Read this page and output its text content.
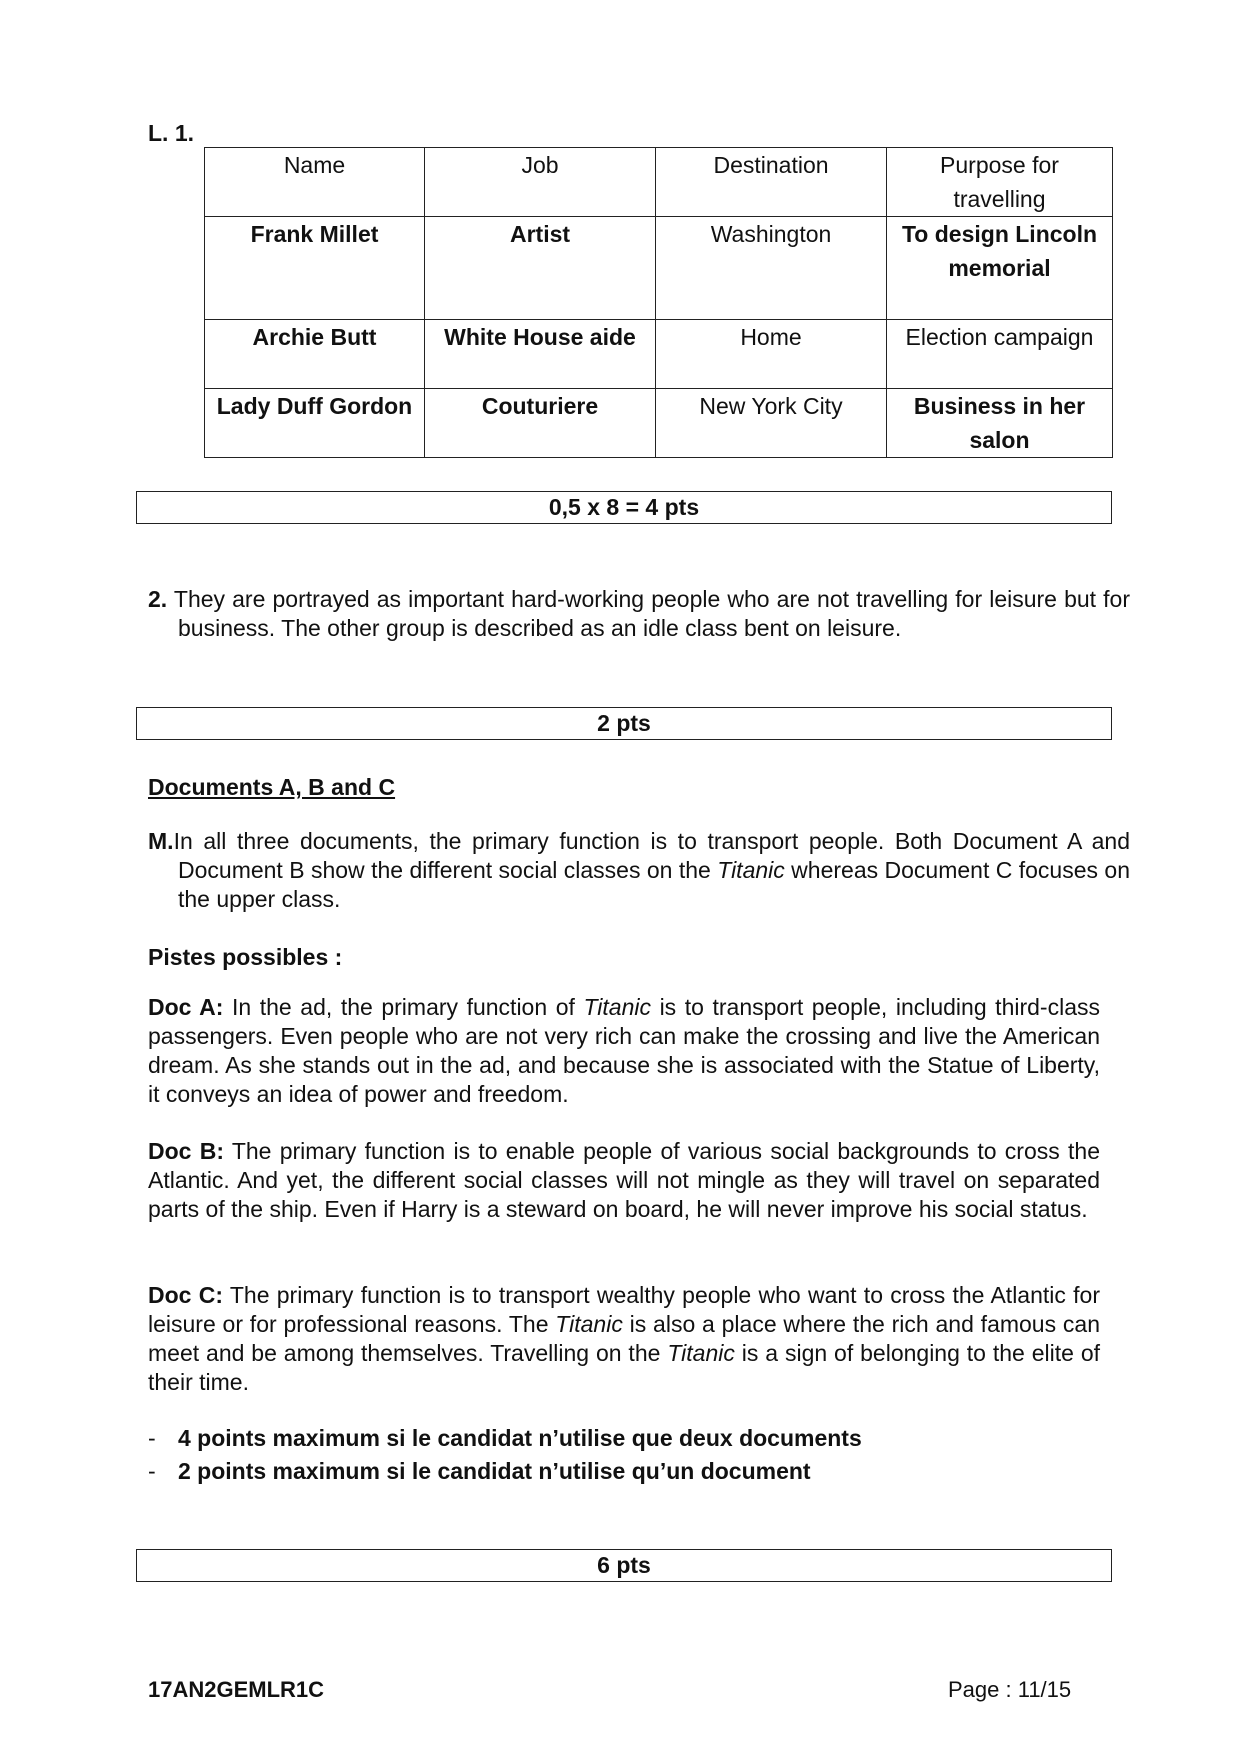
L. 1.
Name	Job	Destination	Purpose for travelling
Frank Millet	Artist	Washington	To design Lincoln memorial
Archie Butt	White House aide	Home	Election campaign
Lady Duff Gordon	Couturiere	New York City	Business in her salon
0,5 x 8 = 4 pts
2. They are portrayed as important hard-working people who are not travelling for leisure but for business. The other group is described as an idle class bent on leisure.
2 pts
Documents A, B and C
M.In all three documents, the primary function is to transport people. Both Document A and Document B show the different social classes on the Titanic whereas Document C focuses on the upper class.
Pistes possibles :
Doc A: In the ad, the primary function of Titanic is to transport people, including third-class passengers. Even people who are not very rich can make the crossing and live the American dream. As she stands out in the ad, and because she is associated with the Statue of Liberty, it conveys an idea of power and freedom.
Doc B: The primary function is to enable people of various social backgrounds to cross the Atlantic. And yet, the different social classes will not mingle as they will travel on separated parts of the ship. Even if Harry is a steward on board, he will never improve his social status.
Doc C: The primary function is to transport wealthy people who want to cross the Atlantic for leisure or for professional reasons. The Titanic is also a place where the rich and famous can meet and be among themselves. Travelling on the Titanic is a sign of belonging to the elite of their time.
- 4 points maximum si le candidat n’utilise que deux documents
- 2 points maximum si le candidat n’utilise qu’un document
6 pts
17AN2GEMLR1C	Page : 11/15
